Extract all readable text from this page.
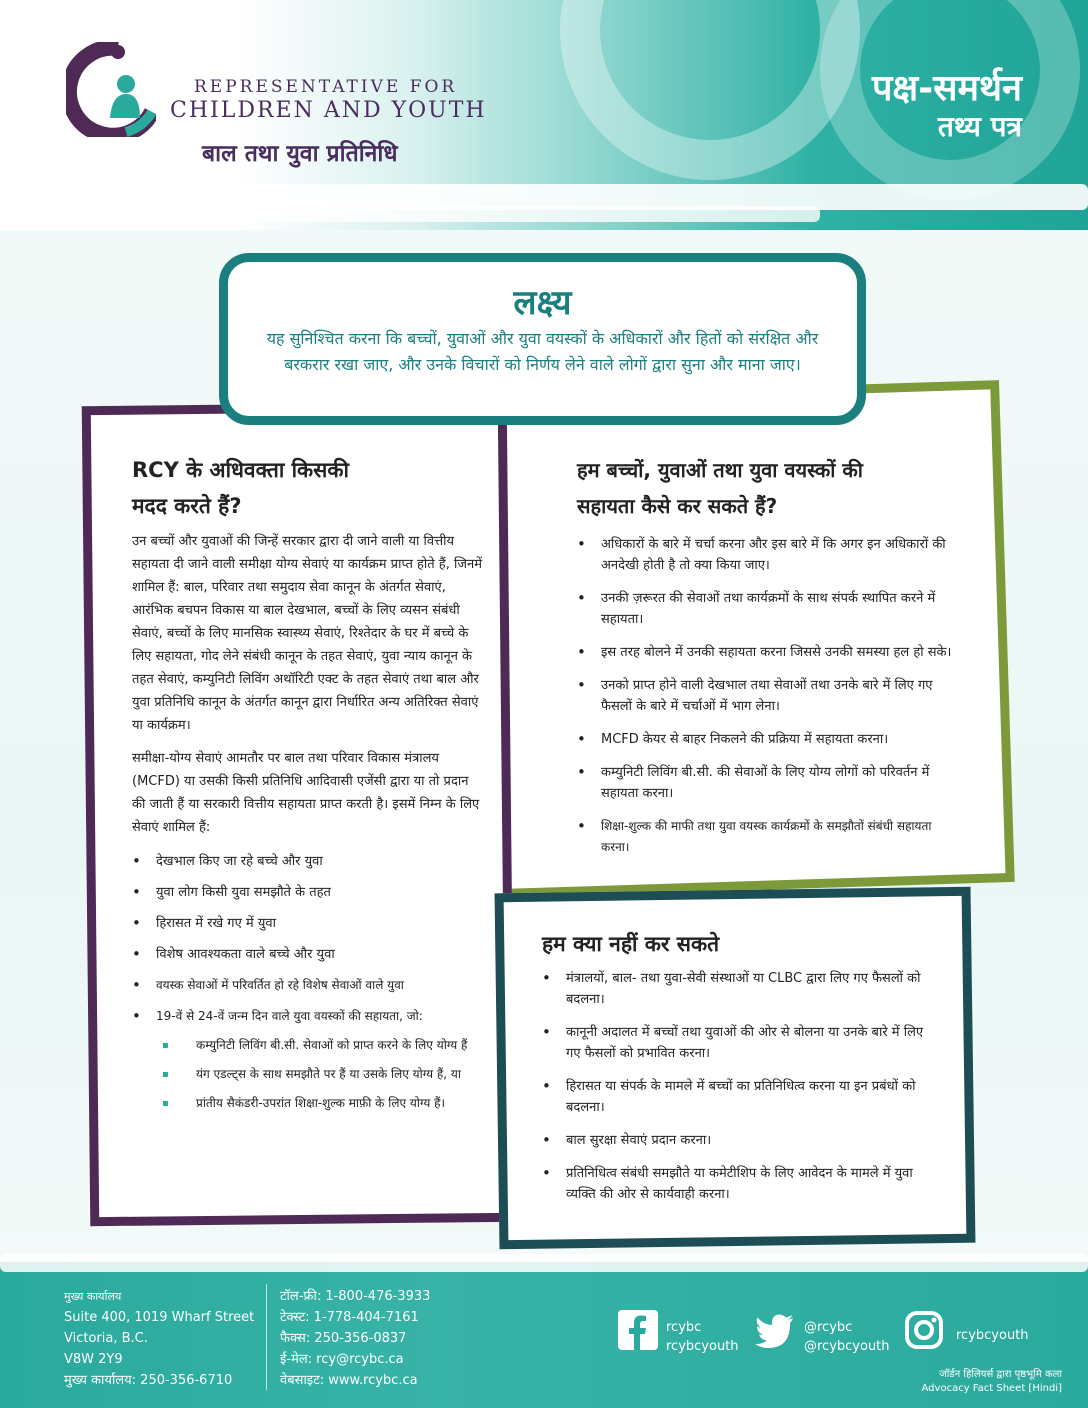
REPRESENTATIVE FOR
CHILDREN AND YOUTH
बाल तथा युवा प्रतिनिधि
पक्ष-समर्थन
तथ्य पत्र
लक्ष्य

यह सुनिश्चित करना कि बच्चों, युवाओं और युवा वयस्कों के अधिकारों और हितों को संरक्षित और बरकरार रखा जाए, और उनके विचारों को निर्णय लेने वाले लोगों द्वारा सुना और माना जाए।

RCY के अधिवक्ता किसकी
मदद करते हैं?
उन बच्चों और युवाओं की जिन्हें सरकार द्वारा दी जाने वाली या वित्तीय सहायता दी जाने वाली समीक्षा योग्य सेवाएं या कार्यक्रम प्राप्त होते हैं, जिनमें शामिल हैं: बाल, परिवार तथा समुदाय सेवा कानून के अंतर्गत सेवाएं, आरंभिक बचपन विकास या बाल देखभाल, बच्चों के लिए व्यसन संबंधी सेवाएं, बच्चों के लिए मानसिक स्वास्थ्य सेवाएं, रिश्तेदार के घर में बच्चे के लिए सहायता, गोद लेने संबंधी कानून के तहत सेवाएं, युवा न्याय कानून के तहत सेवाएं, कम्युनिटी लिविंग अथॉरिटी एक्ट के तहत सेवाएं तथा बाल और युवा प्रतिनिधि कानून के अंतर्गत कानून द्वारा निर्धारित अन्य अतिरिक्त सेवाएं या कार्यक्रम।
समीक्षा-योग्य सेवाएं आमतौर पर बाल तथा परिवार विकास मंत्रालय (MCFD) या उसकी किसी प्रतिनिधि आदिवासी एजेंसी द्वारा या तो प्रदान की जाती हैं या सरकारी वित्तीय सहायता प्राप्त करती है। इसमें निम्न के लिए सेवाएं शामिल हैं:
• देखभाल किए जा रहे बच्चे और युवा
• युवा लोग किसी युवा समझौते के तहत
• हिरासत में रखे गए में युवा
• विशेष आवश्यकता वाले बच्चे और युवा
• वयस्क सेवाओं में परिवर्तित हो रहे विशेष सेवाओं वाले युवा
• 19-वें से 24-वें जन्म दिन वाले युवा वयस्कों की सहायता, जो:
▪ कम्युनिटी लिविंग बी.सी. सेवाओं को प्राप्त करने के लिए योग्य हैं
▪ यंग एडल्ट्स के साथ समझौते पर हैं या उसके लिए योग्य हैं, या
▪ प्रांतीय सैकंडरी-उपरांत शिक्षा-शुल्क माफ़ी के लिए योग्य हैं।
हम बच्चों, युवाओं तथा युवा वयस्कों की
सहायता कैसे कर सकते हैं?
• अधिकारों के बारे में चर्चा करना और इस बारे में कि अगर इन अधिकारों की अनदेखी होती है तो क्या किया जाए।
• उनकी ज़रूरत की सेवाओं तथा कार्यक्रमों के साथ संपर्क स्थापित करने में सहायता।
• इस तरह बोलने में उनकी सहायता करना जिससे उनकी समस्या हल हो सके।
• उनको प्राप्त होने वाली देखभाल तथा सेवाओं तथा उनके बारे में लिए गए फैसलों के बारे में चर्चाओं में भाग लेना।
• MCFD केयर से बाहर निकलने की प्रक्रिया में सहायता करना।
• कम्युनिटी लिविंग बी.सी. की सेवाओं के लिए योग्य लोगों को परिवर्तन में सहायता करना।
• शिक्षा-शुल्क की माफी तथा युवा वयस्क कार्यक्रमों के समझौतों संबंधी सहायता करना।
हम क्या नहीं कर सकते
• मंत्रालयों, बाल- तथा युवा-सेवी संस्थाओं या CLBC द्वारा लिए गए फैसलों को बदलना।
• कानूनी अदालत में बच्चों तथा युवाओं की ओर से बोलना या उनके बारे में लिए गए फैसलों को प्रभावित करना।
• हिरासत या संपर्क के मामले में बच्चों का प्रतिनिधित्व करना या इन प्रबंधों को बदलना।
• बाल सुरक्षा सेवाएं प्रदान करना।
• प्रतिनिधित्व संबंधी समझौते या कमेटीशिप के लिए आवेदन के मामले में युवा व्यक्ति की ओर से कार्यवाही करना।
मुख्य कार्यालय
Suite 400, 1019 Wharf Street
Victoria, B.C.
V8W 2Y9
मुख्य कार्यालय: 250-356-6710
टॉल-फ्री: 1-800-476-3933
टेक्स्ट: 1-778-404-7161
फैक्स: 250-356-0837
ई-मेल: rcy@rcybc.ca
वेबसाइट: www.rcybc.ca
rcybc
rcybcyouth
@rcybc
@rcybcyouth
rcybcyouth
जॉर्डन हिलियर्स द्वारा पृष्ठभूमि कला
Advocacy Fact Sheet [Hindi]
